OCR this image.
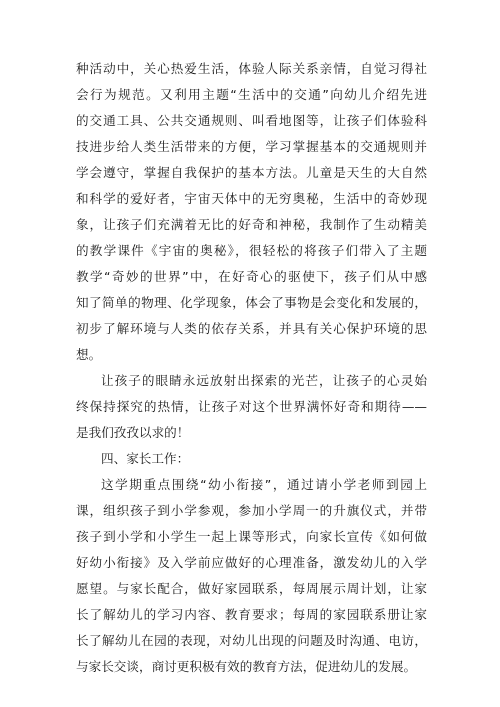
种活动中，关心热爱生活，体验人际关系亲情，自觉习得社
会行为规范。又利用主题“生活中的交通”向幼儿介绍先进
的交通工具、公共交通规则、叫看地图等，让孩子们体验科
技进步给人类生活带来的方便，学习掌握基本的交通规则并
学会遵守，掌握自我保护的基本方法。儿童是天生的大自然
和科学的爱好者，宇宙天体中的无穷奥秘，生活中的奇妙现
象，让孩子们充满着无比的好奇和神秘，我制作了生动精美
的教学课件《宇宙的奥秘》，很轻松的将孩子们带入了主题
教学“奇妙的世界”中，在好奇心的驱使下，孩子们从中感
知了简单的物理、化学现象，体会了事物是会变化和发展的，
初步了解环境与人类的依存关系，并具有关心保护环境的思
想。
让孩子的眼睛永远放射出探索的光芒，让孩子的心灵始
终保持探究的热情，让孩子对这个世界满怀好奇和期待——
是我们孜孜以求的！
四、家长工作：
这学期重点围绕“幼小衔接”，通过请小学老师到园上
课，组织孩子到小学参观，参加小学周一的升旗仪式，并带
孩子到小学和小学生一起上课等形式，向家长宣传《如何做
好幼小衔接》及入学前应做好的心理准备，激发幼儿的入学
愿望。与家长配合，做好家园联系，每周展示周计划，让家
长了解幼儿的学习内容、教育要求；每周的家园联系册让家
长了解幼儿在园的表现，对幼儿出现的问题及时沟通、电访，
与家长交谈，商讨更积极有效的教育方法，促进幼儿的发展。
